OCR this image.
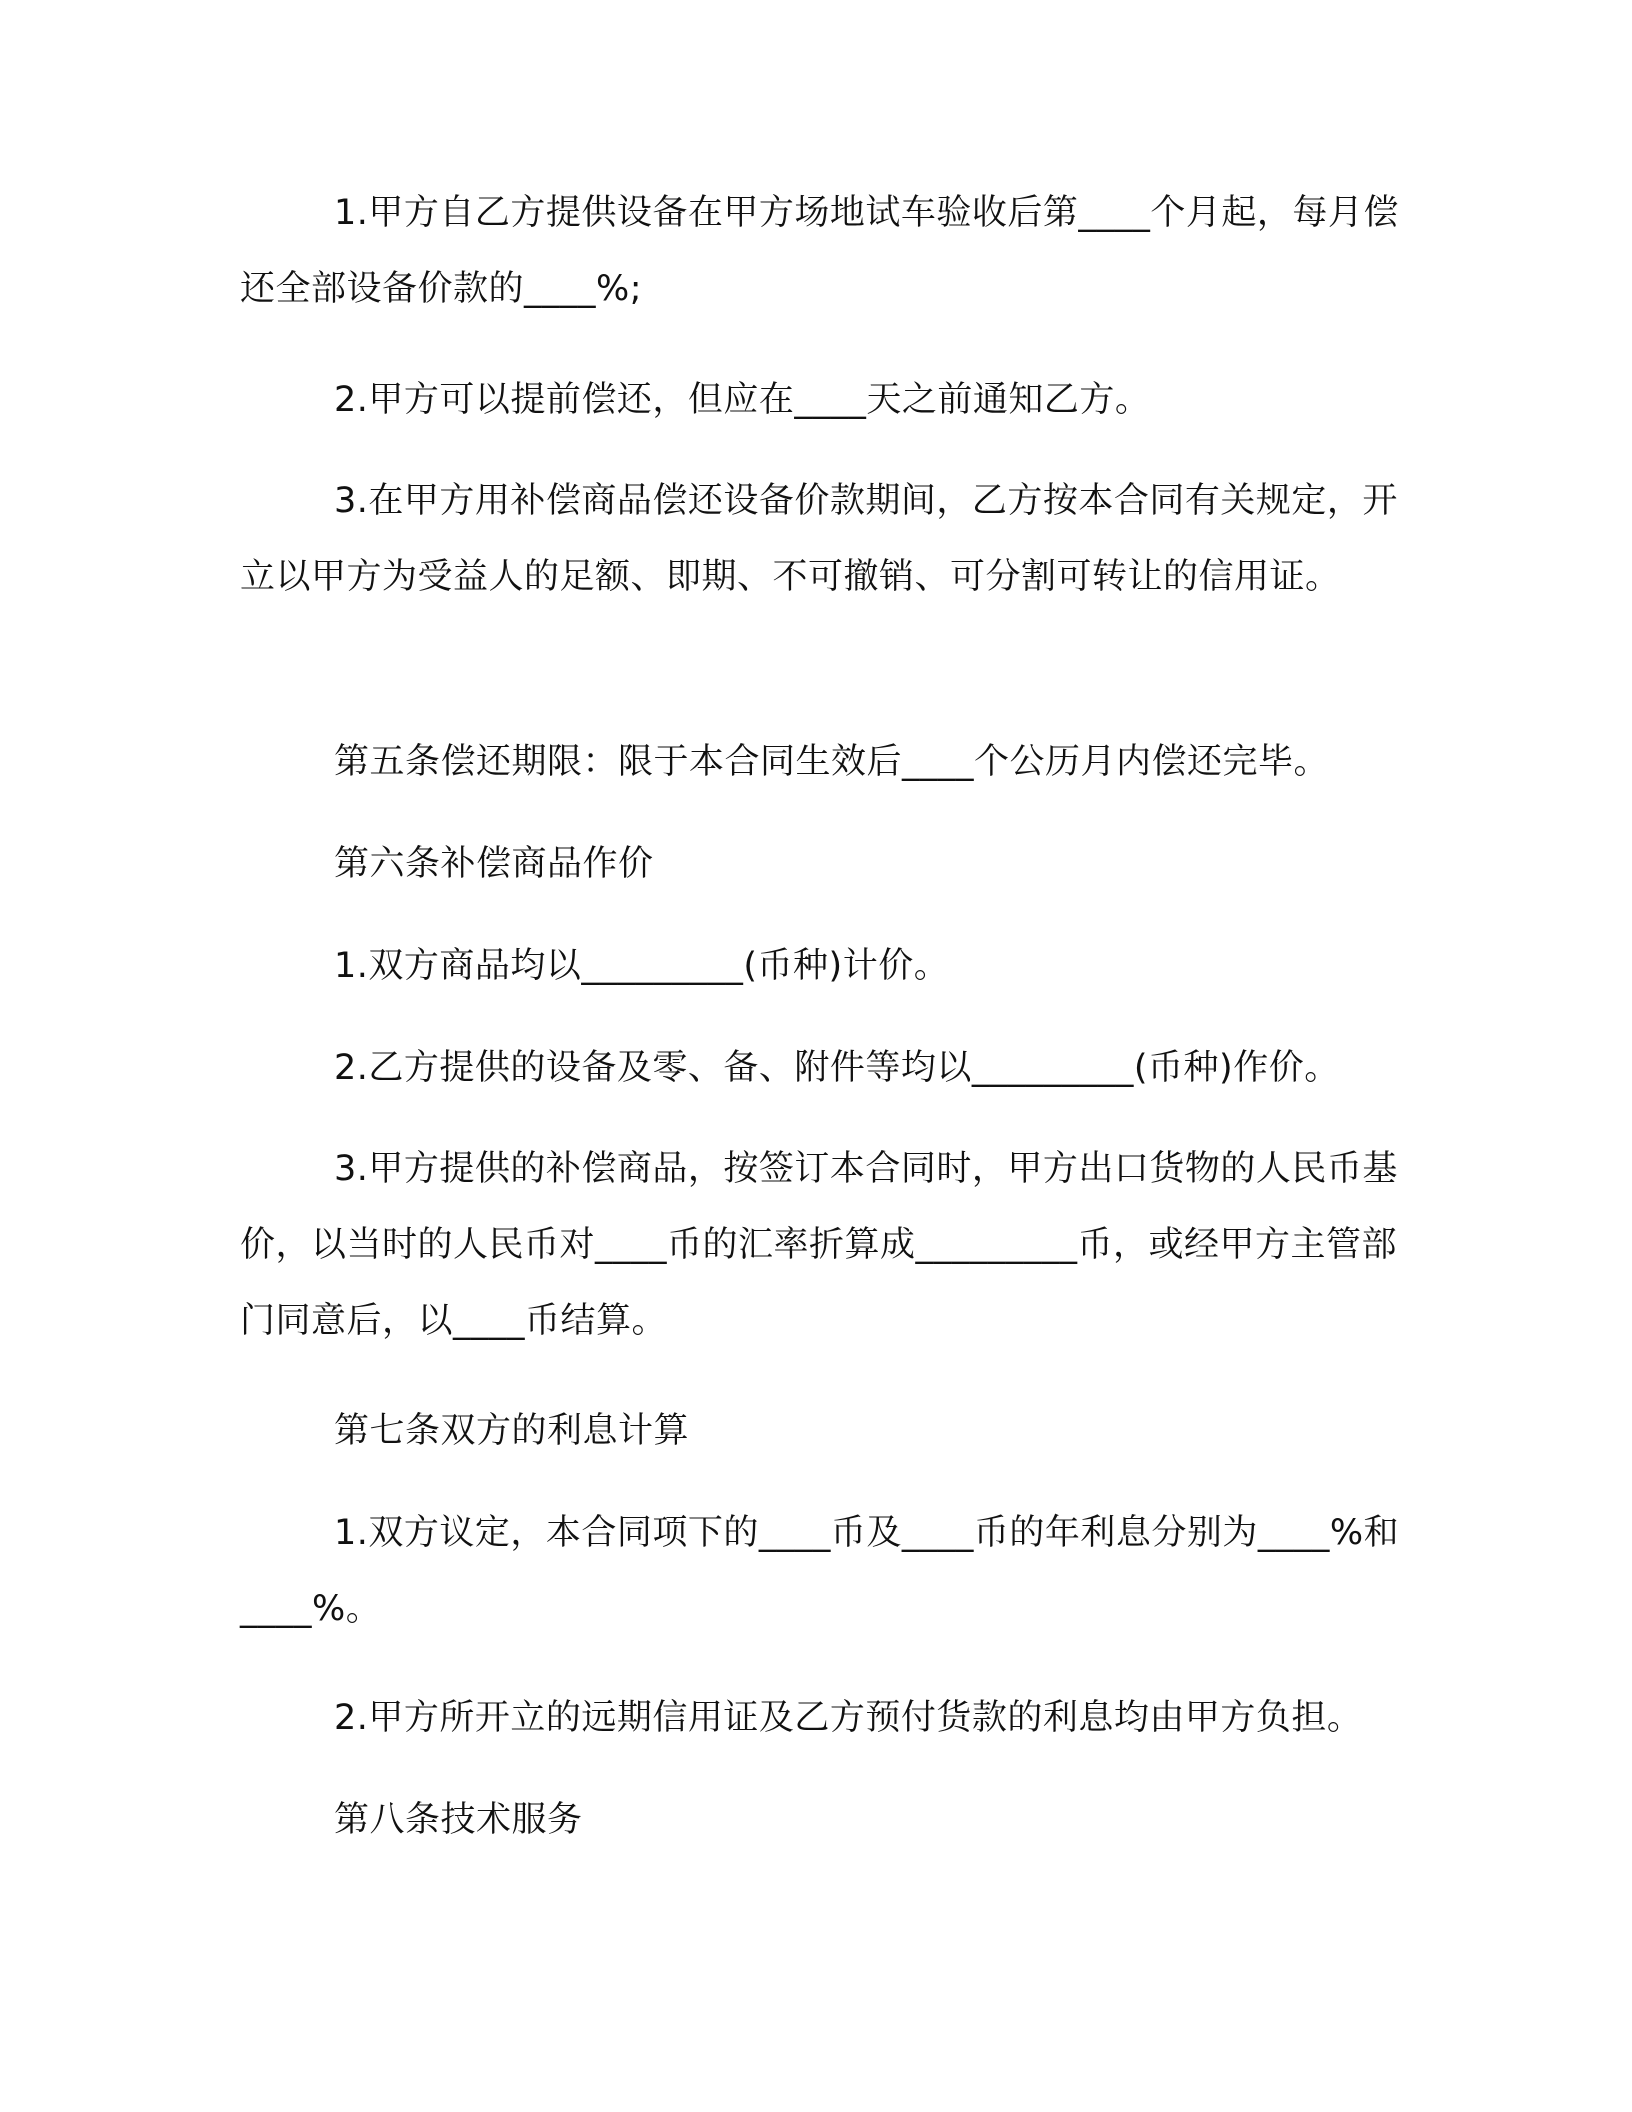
1.甲方自乙方提供设备在甲方场地试车验收后第____个月起，每月偿还全部设备价款的____%;

2.甲方可以提前偿还，但应在____天之前通知乙方。

3.在甲方用补偿商品偿还设备价款期间，乙方按本合同有关规定，开立以甲方为受益人的足额、即期、不可撤销、可分割可转让的信用证。

第五条偿还期限：限于本合同生效后____个公历月内偿还完毕。

第六条补偿商品作价

1.双方商品均以_________(币种)计价。

2.乙方提供的设备及零、备、附件等均以_________(币种)作价。

3.甲方提供的补偿商品，按签订本合同时，甲方出口货物的人民币基价，以当时的人民币对____币的汇率折算成_________币，或经甲方主管部门同意后，以____币结算。

第七条双方的利息计算

1.双方议定，本合同项下的____币及____币的年利息分别为____%和____%。

2.甲方所开立的远期信用证及乙方预付货款的利息均由甲方负担。

第八条技术服务
